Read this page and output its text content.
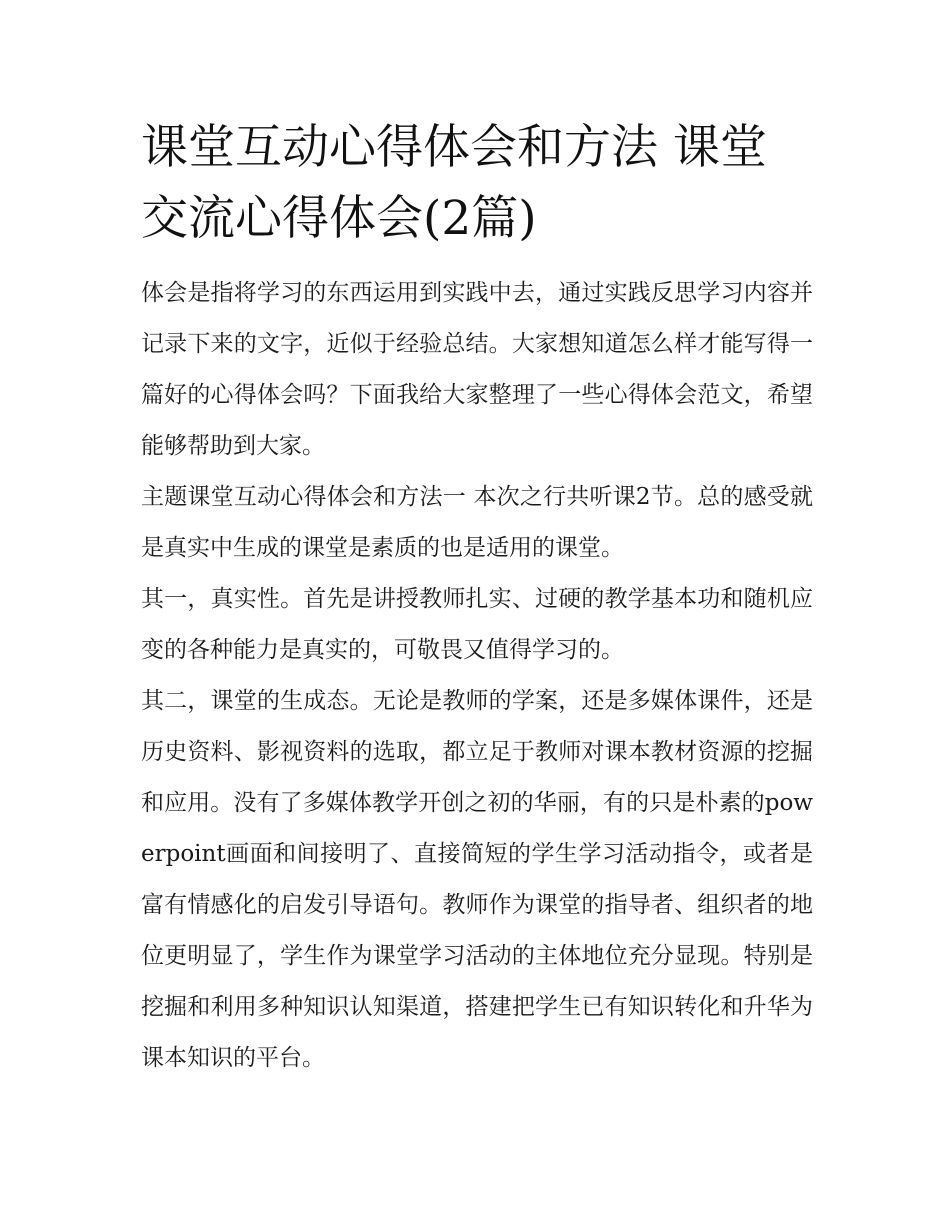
课堂互动心得体会和方法 课堂交流心得体会(2篇)

体会是指将学习的东西运用到实践中去，通过实践反思学习内容并记录下来的文字，近似于经验总结。大家想知道怎么样才能写得一篇好的心得体会吗？下面我给大家整理了一些心得体会范文，希望能够帮助到大家。

主题课堂互动心得体会和方法一 本次之行共听课2节。总的感受就是真实中生成的课堂是素质的也是适用的课堂。

其一，真实性。首先是讲授教师扎实、过硬的教学基本功和随机应变的各种能力是真实的，可敬畏又值得学习的。

其二，课堂的生成态。无论是教师的学案，还是多媒体课件，还是历史资料、影视资料的选取，都立足于教师对课本教材资源的挖掘和应用。没有了多媒体教学开创之初的华丽，有的只是朴素的powerpoint画面和间接明了、直接简短的学生学习活动指令，或者是富有情感化的启发引导语句。教师作为课堂的指导者、组织者的地位更明显了，学生作为课堂学习活动的主体地位充分显现。特别是挖掘和利用多种知识认知渠道，搭建把学生已有知识转化和升华为课本知识的平台。
